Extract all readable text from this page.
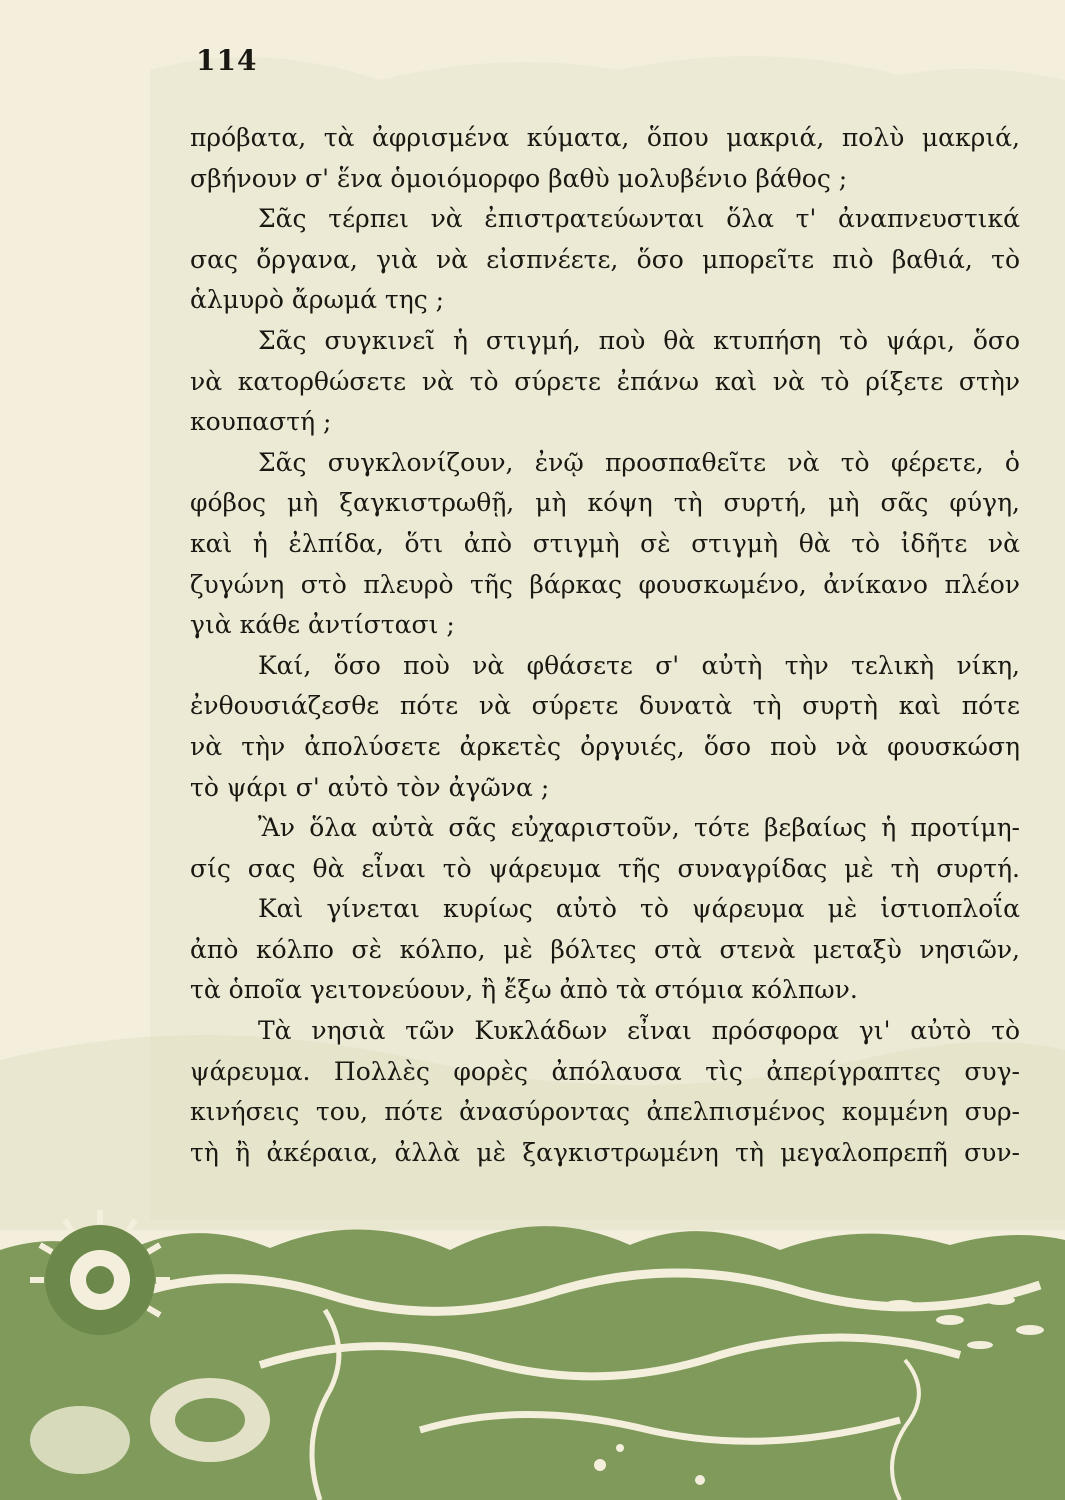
114
πρόβατα, τὰ ἀφρισμένα κύματα, ὅπου μακριά, πολὺ μακριά,
σβήνουν σ' ἕνα ὁμοιόμορφο βαθὺ μολυβένιο βάθος ;
Σᾶς τέρπει νὰ ἐπιστρατεύωνται ὅλα τ' ἀναπνευστικά
σας ὄργανα, γιὰ νὰ εἰσπνέετε, ὅσο μπορεῖτε πιὸ βαθιά, τὸ
ἁλμυρὸ ἄρωμά της ;
Σᾶς συγκινεῖ ἡ στιγμή, ποὺ θὰ κτυπήση τὸ ψάρι, ὅσο
νὰ κατορθώσετε νὰ τὸ σύρετε ἐπάνω καὶ νὰ τὸ ρίξετε στὴν
κουπαστή ;
Σᾶς συγκλονίζουν, ἐνῷ προσπαθεῖτε νὰ τὸ φέρετε, ὁ
φόβος μὴ ξαγκιστρωθῇ, μὴ κόψη τὴ συρτή, μὴ σᾶς φύγη,
καὶ ἡ ἐλπίδα, ὅτι ἀπὸ στιγμὴ σὲ στιγμὴ θὰ τὸ ἰδῆτε νὰ
ζυγώνη στὸ πλευρὸ τῆς βάρκας φουσκωμένο, ἀνίκανο πλέον
γιὰ κάθε ἀντίστασι ;
Καί, ὅσο ποὺ νὰ φθάσετε σ' αὐτὴ τὴν τελικὴ νίκη,
ἐνθουσιάζεσθε πότε νὰ σύρετε δυνατὰ τὴ συρτὴ καὶ πότε
νὰ τὴν ἀπολύσετε ἀρκετὲς ὀργυιές, ὅσο ποὺ νὰ φουσκώση
τὸ ψάρι σ' αὐτὸ τὸν ἀγῶνα ;
Ἂν ὅλα αὐτὰ σᾶς εὐχαριστοῦν, τότε βεβαίως ἡ προτίμη-
σίς σας θὰ εἶναι τὸ ψάρευμα τῆς συναγρίδας μὲ τὴ συρτή.
Καὶ γίνεται κυρίως αὐτὸ τὸ ψάρευμα μὲ ἱστιοπλοΐα
ἀπὸ κόλπο σὲ κόλπο, μὲ βόλτες στὰ στενὰ μεταξὺ νησιῶν,
τὰ ὁποῖα γειτονεύουν, ἢ ἔξω ἀπὸ τὰ στόμια κόλπων.
Τὰ νησιὰ τῶν Κυκλάδων εἶναι πρόσφορα γι' αὐτὸ τὸ
ψάρευμα. Πολλὲς φορὲς ἀπόλαυσα τὶς ἀπερίγραπτες συγ-
κινήσεις του, πότε ἀνασύροντας ἀπελπισμένος κομμένη συρ-
τὴ ἢ ἀκέραια, ἀλλὰ μὲ ξαγκιστρωμένη τὴ μεγαλοπρεπῆ συν-
